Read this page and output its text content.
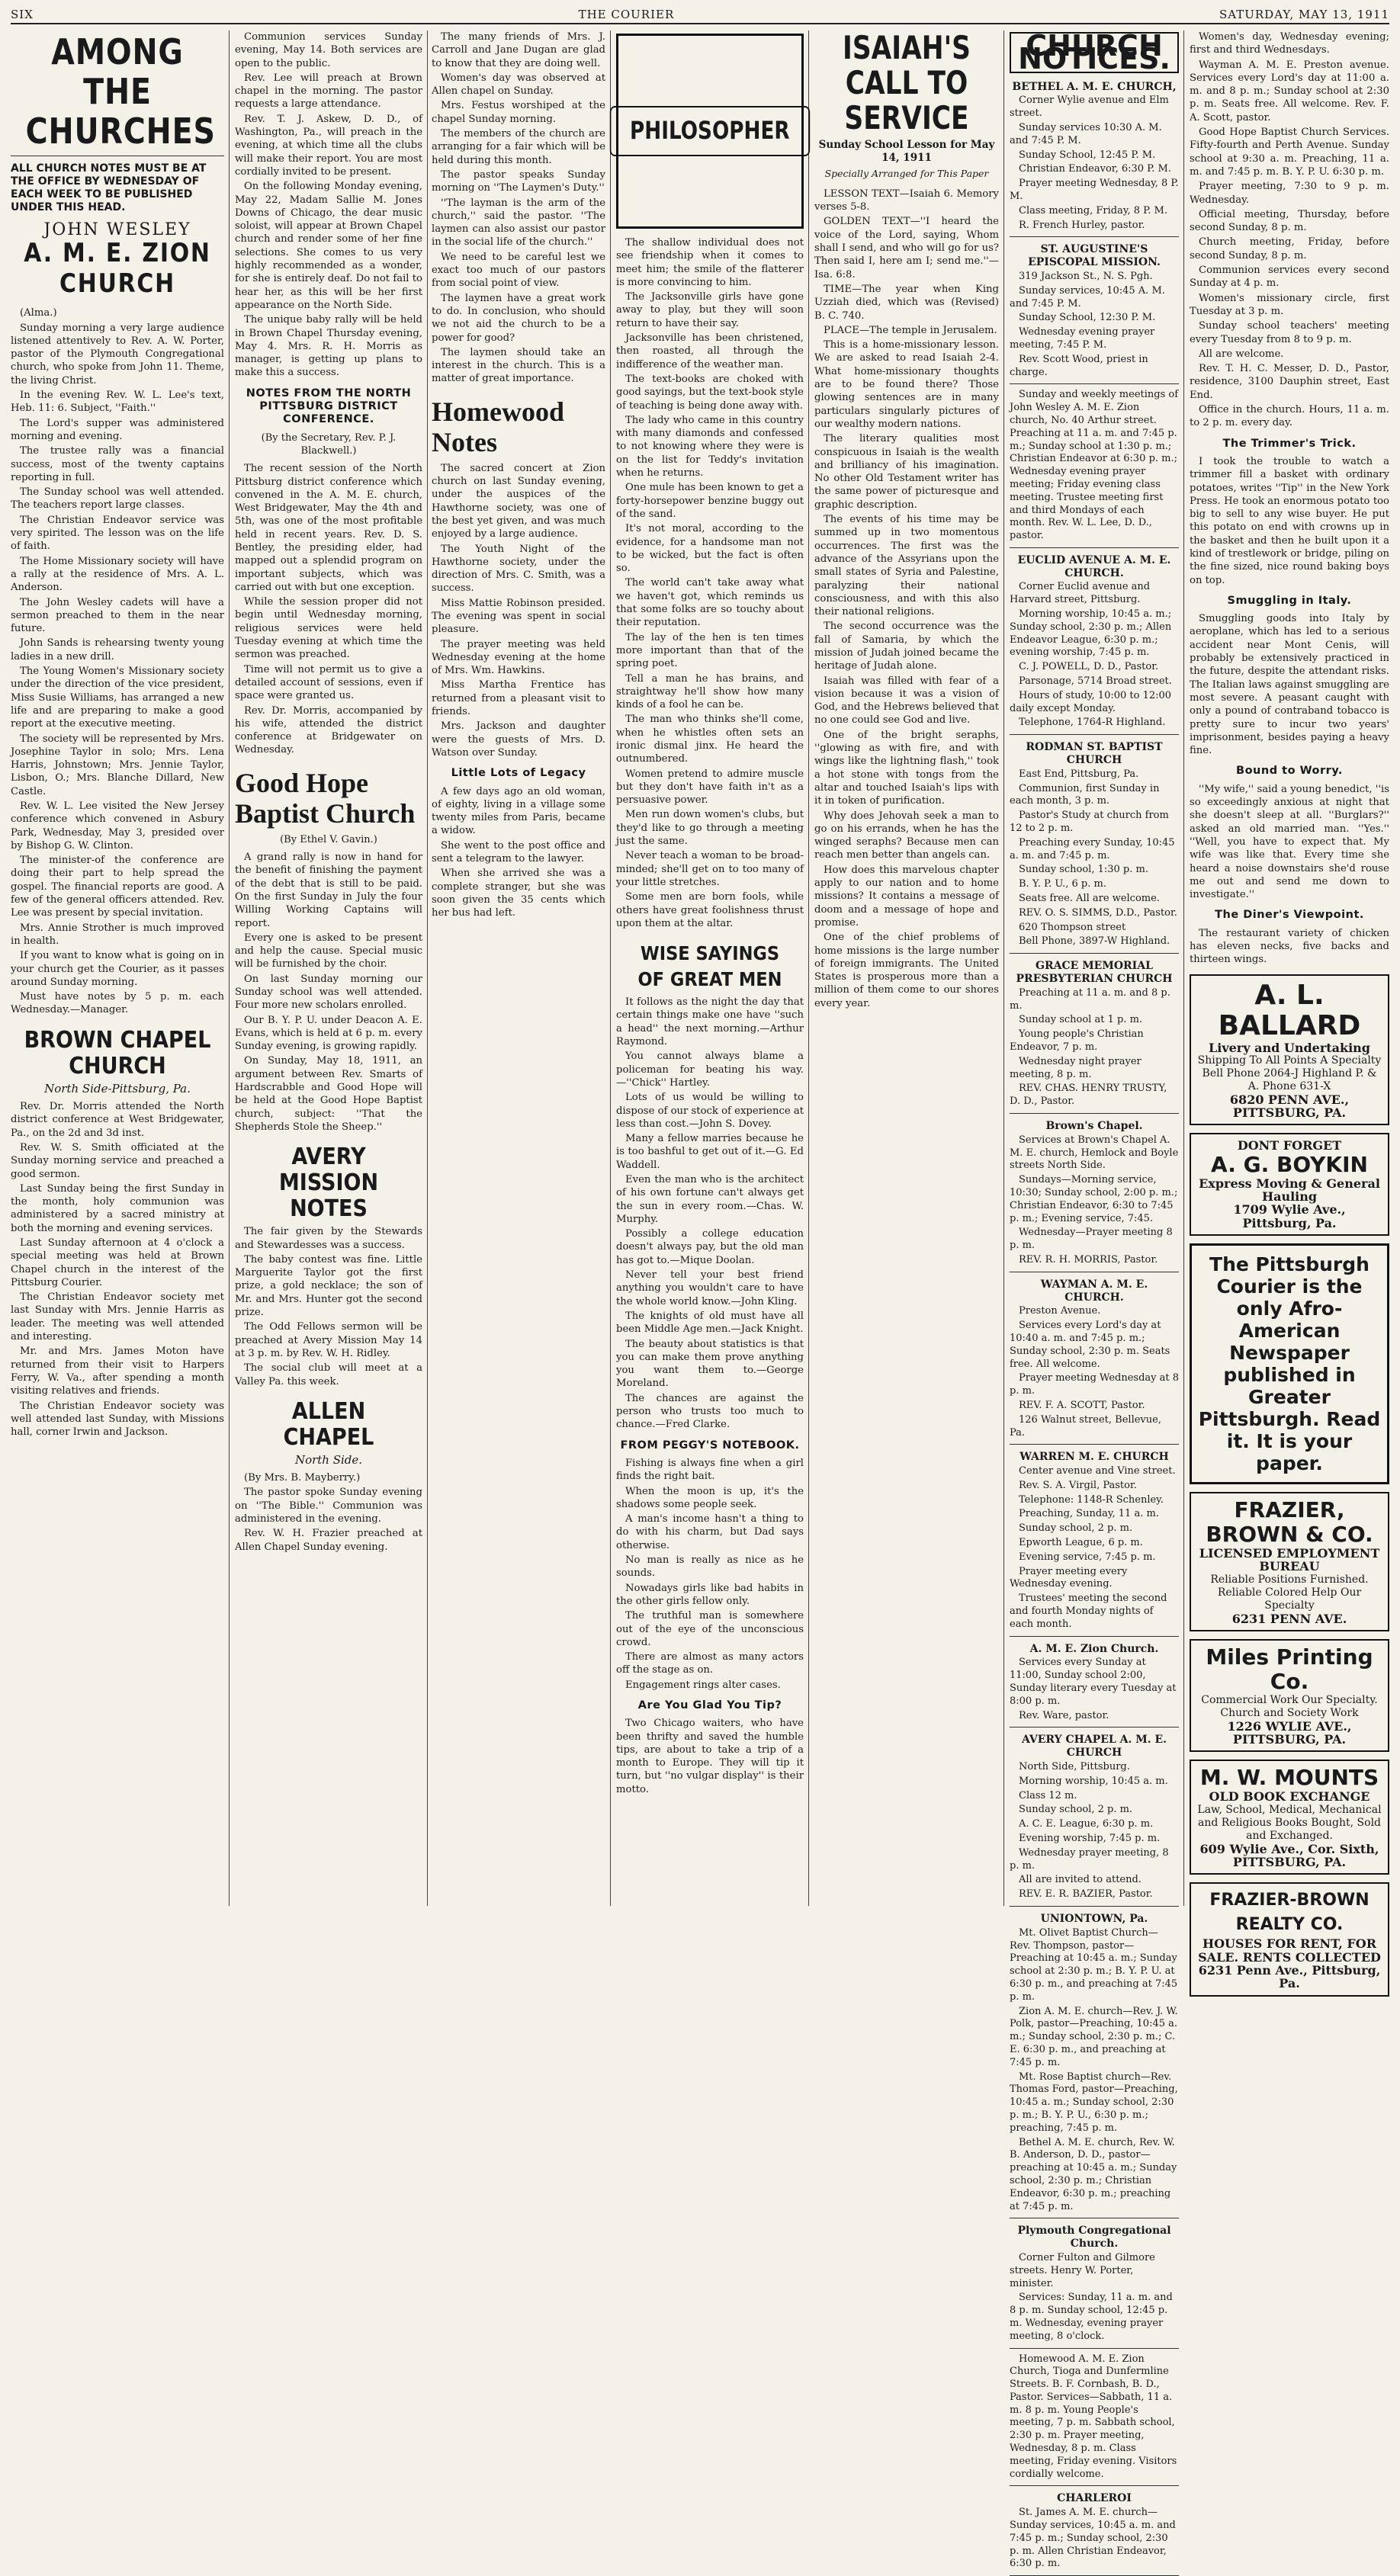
SIX	THE COURIER	SATURDAY, MAY 13, 1911
AMONG THE CHURCHES
ALL CHURCH NOTES MUST BE AT THE OFFICE BY WEDNESDAY OF EACH WEEK TO BE PUBLISHED UNDER THIS HEAD.
JOHN WESLEY
A. M. E. ZION CHURCH

(Alma.)

Sunday morning a very large audience listened attentively to Rev. A. W. Porter, pastor of the Plymouth Congregational church, who spoke from John 11. Theme, the living Christ.

In the evening Rev. W. L. Lee's text, Heb. 11: 6. Subject, ''Faith.''

The Lord's supper was administered morning and evening.

The trustee rally was a financial success, most of the twenty captains reporting in full.

The Sunday school was well attended. The teachers report large classes.

The Christian Endeavor service was very spirited. The lesson was on the life of faith.

The Home Missionary society will have a rally at the residence of Mrs. A. L. Anderson.

The John Wesley cadets will have a sermon preached to them in the near future.

John Sands is rehearsing twenty young ladies in a new drill.

The Young Women's Missionary society under the direction of the vice president, Miss Susie Williams, has arranged a new life and are preparing to make a good report at the executive meeting.

The society will be represented by Mrs. Josephine Taylor in solo; Mrs. Lena Harris, Johnstown; Mrs. Jennie Taylor, Lisbon, O.; Mrs. Blanche Dillard, New Castle.

Rev. W. L. Lee visited the New Jersey conference which convened in Asbury Park, Wednesday, May 3, presided over by Bishop G. W. Clinton.

The minister-of the conference are doing their part to help spread the gospel. The financial reports are good. A few of the general officers attended. Rev. Lee was present by special invitation.

Mrs. Annie Strother is much improved in health.

If you want to know what is going on in your church get the Courier, as it passes around Sunday morning.

Must have notes by 5 p. m. each Wednesday.—Manager.

BROWN CHAPEL CHURCH
North Side-Pittsburg, Pa.

Rev. Dr. Morris attended the North district conference at West Bridgewater, Pa., on the 2d and 3d inst.

Rev. W. S. Smith officiated at the Sunday morning service and preached a good sermon.

Last Sunday being the first Sunday in the month, holy communion was administered by a sacred ministry at both the morning and evening services.

Last Sunday afternoon at 4 o'clock a special meeting was held at Brown Chapel church in the interest of the Pittsburg Courier.

The Christian Endeavor society met last Sunday with Mrs. Jennie Harris as leader. The meeting was well attended and interesting.

Mr. and Mrs. James Moton have returned from their visit to Harpers Ferry, W. Va., after spending a month visiting relatives and friends.

The Christian Endeavor society was well attended last Sunday, with Missions hall, corner Irwin and Jackson.

Communion services Sunday evening, May 14. Both services are open to the public.

Rev. Lee will preach at Brown chapel in the morning. The pastor requests a large attendance.

Rev. T. J. Askew, D. D., of Washington, Pa., will preach in the evening, at which time all the clubs will make their report. You are most cordially invited to be present.

On the following Monday evening, May 22, Madam Sallie M. Jones Downs of Chicago, the dear music soloist, will appear at Brown Chapel church and render some of her fine selections. She comes to us very highly recommended as a wonder, for she is entirely deaf. Do not fail to hear her, as this will be her first appearance on the North Side.

The unique baby rally will be held in Brown Chapel Thursday evening, May 4. Mrs. R. H. Morris as manager, is getting up plans to make this a success.

NOTES FROM THE NORTH PITTSBURG DISTRICT CONFERENCE.
(By the Secretary, Rev. P. J. Blackwell.)

The recent session of the North Pittsburg district conference which convened in the A. M. E. church, West Bridgewater, May the 4th and 5th, was one of the most profitable held in recent years. Rev. D. S. Bentley, the presiding elder, had mapped out a splendid program on important subjects, which was carried out with but one exception.

While the session proper did not begin until Wednesday morning, religious services were held Tuesday evening at which time the sermon was preached.

Time will not permit us to give a detailed account of sessions, even if space were granted us.

Rev. Dr. Morris, accompanied by his wife, attended the district conference at Bridgewater on Wednesday.

Good Hope Baptist Church
(By Ethel V. Gavin.)

A grand rally is now in hand for the benefit of finishing the payment of the debt that is still to be paid. On the first Sunday in July the four Willing Working Captains will report.

Every one is asked to be present and help the cause. Special music will be furnished by the choir.

On last Sunday morning our Sunday school was well attended. Four more new scholars enrolled.

Our B. Y. P. U. under Deacon A. E. Evans, which is held at 6 p. m. every Sunday evening, is growing rapidly.

On Sunday, May 18, 1911, an argument between Rev. Smarts of Hardscrabble and Good Hope will be held at the Good Hope Baptist church, subject: ''That the Shepherds Stole the Sheep.''

AVERY MISSION NOTES

The fair given by the Stewards and Stewardesses was a success.

The baby contest was fine. Little Marguerite Taylor got the first prize, a gold necklace; the son of Mr. and Mrs. Hunter got the second prize.

The Odd Fellows sermon will be preached at Avery Mission May 14 at 3 p. m. by Rev. W. H. Ridley.

The social club will meet at a Valley Pa. this week.

ALLEN CHAPEL
North Side.

(By Mrs. B. Mayberry.)

The pastor spoke Sunday evening on ''The Bible.'' Communion was administered in the evening.

Rev. W. H. Frazier preached at Allen Chapel Sunday evening.

The many friends of Mrs. J. Carroll and Jane Dugan are glad to know that they are doing well.

Women's day was observed at Allen chapel on Sunday.

Mrs. Festus worshiped at the chapel Sunday morning.

The members of the church are arranging for a fair which will be held during this month.

The pastor speaks Sunday morning on ''The Laymen's Duty.''

''The layman is the arm of the church,'' said the pastor. ''The laymen can also assist our pastor in the social life of the church.''

We need to be careful lest we exact too much of our pastors from social point of view.

The laymen have a great work to do. In conclusion, who should we not aid the church to be a power for good?

The laymen should take an interest in the church. This is a matter of great importance.

Homewood Notes

The sacred concert at Zion church on last Sunday evening, under the auspices of the Hawthorne society, was one of the best yet given, and was much enjoyed by a large audience.

The Youth Night of the Hawthorne society, under the direction of Mrs. C. Smith, was a success.

Miss Mattie Robinson presided. The evening was spent in social pleasure.

The prayer meeting was held Wednesday evening at the home of Mrs. Wm. Hawkins.

Miss Martha Frentice has returned from a pleasant visit to friends.

Mrs. Jackson and daughter were the guests of Mrs. D. Watson over Sunday.

Little Lots of Legacy

A few days ago an old woman, of eighty, living in a village some twenty miles from Paris, became a widow.

She went to the post office and sent a telegram to the lawyer.

When she arrived she was a complete stranger, but she was soon given the 35 cents which her bus had left.

PHILOSOPHER

The shallow individual does not see friendship when it comes to meet him; the smile of the flatterer is more convincing to him.

The Jacksonville girls have gone away to play, but they will soon return to have their say.

Jacksonville has been christened, then roasted, all through the indifference of the weather man.

The text-books are choked with good sayings, but the text-book style of teaching is being done away with.

The lady who came in this country with many diamonds and confessed to not knowing where they were is on the list for Teddy's invitation when he returns.

One mule has been known to get a forty-horsepower benzine buggy out of the sand.

It's not moral, according to the evidence, for a handsome man not to be wicked, but the fact is often so.

The world can't take away what we haven't got, which reminds us that some folks are so touchy about their reputation.

The lay of the hen is ten times more important than that of the spring poet.

Tell a man he has brains, and straightway he'll show how many kinds of a fool he can be.

The man who thinks she'll come, when he whistles often sets an ironic dismal jinx. He heard the outnumbered.

Women pretend to admire muscle but they don't have faith in't as a persuasive power.

Men run down women's clubs, but they'd like to go through a meeting just the same.

Never teach a woman to be broad-minded; she'll get on to too many of your little stretches.

Some men are born fools, while others have great foolishness thrust upon them at the altar.

WISE SAYINGS OF GREAT MEN

It follows as the night the day that certain things make one have ''such a head'' the next morning.—Arthur Raymond.

You cannot always blame a policeman for beating his way.—''Chick'' Hartley.

Lots of us would be willing to dispose of our stock of experience at less than cost.—John S. Dovey.

Many a fellow marries because he is too bashful to get out of it.—G. Ed Waddell.

Even the man who is the architect of his own fortune can't always get the sun in every room.—Chas. W. Murphy.

Possibly a college education doesn't always pay, but the old man has got to.—Mique Doolan.

Never tell your best friend anything you wouldn't care to have the whole world know.—John Kling.

The knights of old must have all been Middle Age men.—Jack Knight.

The beauty about statistics is that you can make them prove anything you want them to.—George Moreland.

The chances are against the person who trusts too much to chance.—Fred Clarke.

FROM PEGGY'S NOTEBOOK.

Fishing is always fine when a girl finds the right bait.

When the moon is up, it's the shadows some people seek.

A man's income hasn't a thing to do with his charm, but Dad says otherwise.

No man is really as nice as he sounds.

Nowadays girls like bad habits in the other girls fellow only.

The truthful man is somewhere out of the eye of the unconscious crowd.

There are almost as many actors off the stage as on.

Engagement rings alter cases.

Are You Glad You Tip?

Two Chicago waiters, who have been thrifty and saved the humble tips, are about to take a trip of a month to Europe. They will tip it turn, but ''no vulgar display'' is their motto.

ISAIAH'S CALL TO SERVICE
Sunday School Lesson for May 14, 1911
Specially Arranged for This Paper

LESSON TEXT—Isaiah 6. Memory verses 5-8.

GOLDEN TEXT—''I heard the voice of the Lord, saying, Whom shall I send, and who will go for us? Then said I, here am I; send me.''—Isa. 6:8.

TIME—The year when King Uzziah died, which was (Revised) B. C. 740.

PLACE—The temple in Jerusalem.

This is a home-missionary lesson. We are asked to read Isaiah 2-4. What home-missionary thoughts are to be found there? Those glowing sentences are in many particulars singularly pictures of our wealthy modern nations.

The literary qualities most conspicuous in Isaiah is the wealth and brilliancy of his imagination. No other Old Testament writer has the same power of picturesque and graphic description.

The events of his time may be summed up in two momentous occurrences. The first was the advance of the Assyrians upon the small states of Syria and Palestine, paralyzing their national consciousness, and with this also their national religions.

The second occurrence was the fall of Samaria, by which the mission of Judah joined became the heritage of Judah alone.

Isaiah was filled with fear of a vision because it was a vision of God, and the Hebrews believed that no one could see God and live.

One of the bright seraphs, ''glowing as with fire, and with wings like the lightning flash,'' took a hot stone with tongs from the altar and touched Isaiah's lips with it in token of purification.

Why does Jehovah seek a man to go on his errands, when he has the winged seraphs? Because men can reach men better than angels can.

How does this marvelous chapter apply to our nation and to home missions? It contains a message of doom and a message of hope and promise.

One of the chief problems of home missions is the large number of foreign immigrants. The United States is prosperous more than a million of them come to our shores every year.

CHURCH NOTICES.
BETHEL A. M. E. CHURCH,

Corner Wylie avenue and Elm street.

Sunday services 10:30 A. M. and 7:45 P. M.

Sunday School, 12:45 P. M.

Christian Endeavor, 6:30 P. M.

Prayer meeting Wednesday, 8 P. M.

Class meeting, Friday, 8 P. M.

R. French Hurley, pastor.

ST. AUGUSTINE'S EPISCOPAL MISSION.

319 Jackson St., N. S. Pgh.

Sunday services, 10:45 A. M. and 7:45 P. M.

Sunday School, 12:30 P. M.

Wednesday evening prayer meeting, 7:45 P. M.

Rev. Scott Wood, priest in charge.

Sunday and weekly meetings of John Wesley A. M. E. Zion church, No. 40 Arthur street. Preaching at 11 a. m. and 7:45 p. m.; Sunday school at 1:30 p. m.; Christian Endeavor at 6:30 p. m.; Wednesday evening prayer meeting; Friday evening class meeting. Trustee meeting first and third Mondays of each month. Rev. W. L. Lee, D. D., pastor.

EUCLID AVENUE A. M. E. CHURCH.

Corner Euclid avenue and Harvard street, Pittsburg.

Morning worship, 10:45 a. m.; Sunday school, 2:30 p. m.; Allen Endeavor League, 6:30 p. m.; evening worship, 7:45 p. m.

C. J. POWELL, D. D., Pastor.

Parsonage, 5714 Broad street.

Hours of study, 10:00 to 12:00 daily except Monday.

Telephone, 1764-R Highland.

RODMAN ST. BAPTIST CHURCH

East End, Pittsburg, Pa.

Communion, first Sunday in each month, 3 p. m.

Pastor's Study at church from 12 to 2 p. m.

Preaching every Sunday, 10:45 a. m. and 7:45 p. m.

Sunday school, 1:30 p. m.

B. Y. P. U., 6 p. m.

Seats free. All are welcome.

REV. O. S. SIMMS, D.D., Pastor.

620 Thompson street

Bell Phone, 3897-W Highland.

GRACE MEMORIAL PRESBYTERIAN CHURCH

Preaching at 11 a. m. and 8 p. m.

Sunday school at 1 p. m.

Young people's Christian Endeavor, 7 p. m.

Wednesday night prayer meeting, 8 p. m.

REV. CHAS. HENRY TRUSTY, D. D., Pastor.

Brown's Chapel.

Services at Brown's Chapel A. M. E. church, Hemlock and Boyle streets North Side.

Sundays—Morning service, 10:30; Sunday school, 2:00 p. m.; Christian Endeavor, 6:30 to 7:45 p. m.; Evening service, 7:45.

Wednesday—Prayer meeting 8 p. m.

REV. R. H. MORRIS, Pastor.

WAYMAN A. M. E. CHURCH.

Preston Avenue.

Services every Lord's day at 10:40 a. m. and 7:45 p. m.; Sunday school, 2:30 p. m. Seats free. All welcome.

Prayer meeting Wednesday at 8 p. m.

REV. F. A. SCOTT, Pastor.

126 Walnut street, Bellevue, Pa.

WARREN M. E. CHURCH

Center avenue and Vine street.

Rev. S. A. Virgil, Pastor.

Telephone: 1148-R Schenley.

Preaching, Sunday, 11 a. m.

Sunday school, 2 p. m.

Epworth League, 6 p. m.

Evening service, 7:45 p. m.

Prayer meeting every Wednesday evening.

Trustees' meeting the second and fourth Monday nights of each month.

A. M. E. Zion Church.

Services every Sunday at 11:00, Sunday school 2:00, Sunday literary every Tuesday at 8:00 p. m.

Rev. Ware, pastor.

AVERY CHAPEL A. M. E. CHURCH

North Side, Pittsburg.

Morning worship, 10:45 a. m.

Class 12 m.

Sunday school, 2 p. m.

A. C. E. League, 6:30 p. m.

Evening worship, 7:45 p. m.

Wednesday prayer meeting, 8 p. m.

All are invited to attend.

REV. E. R. BAZIER, Pastor.

UNIONTOWN, Pa.

Mt. Olivet Baptist Church—Rev. Thompson, pastor—Preaching at 10:45 a. m.; Sunday school at 2:30 p. m.; B. Y. P. U. at 6:30 p. m., and preaching at 7:45 p. m.

Zion A. M. E. church—Rev. J. W. Polk, pastor—Preaching, 10:45 a. m.; Sunday school, 2:30 p. m.; C. E. 6:30 p. m., and preaching at 7:45 p. m.

Mt. Rose Baptist church—Rev. Thomas Ford, pastor—Preaching, 10:45 a. m.; Sunday school, 2:30 p. m.; B. Y. P. U., 6:30 p. m.; preaching, 7:45 p. m.

Bethel A. M. E. church, Rev. W. B. Anderson, D. D., pastor—preaching at 10:45 a. m.; Sunday school, 2:30 p. m.; Christian Endeavor, 6:30 p. m.; preaching at 7:45 p. m.

Plymouth Congregational Church.

Corner Fulton and Gilmore streets. Henry W. Porter, minister.

Services: Sunday, 11 a. m. and 8 p. m. Sunday school, 12:45 p. m. Wednesday, evening prayer meeting, 8 o'clock.

Homewood A. M. E. Zion Church, Tioga and Dunfermline Streets. B. F. Cornbash, B. D., Pastor. Services—Sabbath, 11 a. m. 8 p. m. Young People's meeting, 7 p. m. Sabbath school, 2:30 p. m. Prayer meeting, Wednesday, 8 p. m. Class meeting, Friday evening. Visitors cordially welcome.

CHARLEROI

St. James A. M. E. church—Sunday services, 10:45 a. m. and 7:45 p. m.; Sunday school, 2:30 p. m. Allen Christian Endeavor, 6:30 p. m.

Women's day, Wednesday evening; first and third Wednesdays.

Wayman A. M. E. Preston avenue. Services every Lord's day at 11:00 a. m. and 8 p. m.; Sunday school at 2:30 p. m. Seats free. All welcome. Rev. F. A. Scott, pastor.

Good Hope Baptist Church Services. Fifty-fourth and Perth Avenue. Sunday school at 9:30 a. m. Preaching, 11 a. m. and 7:45 p. m. B. Y. P. U. 6:30 p. m.

Prayer meeting, 7:30 to 9 p. m. Wednesday.

Official meeting, Thursday, before second Sunday, 8 p. m.

Church meeting, Friday, before second Sunday, 8 p. m.

Communion services every second Sunday at 4 p. m.

Women's missionary circle, first Tuesday at 3 p. m.

Sunday school teachers' meeting every Tuesday from 8 to 9 p. m.

All are welcome.

Rev. T. H. C. Messer, D. D., Pastor, residence, 3100 Dauphin street, East End.

Office in the church. Hours, 11 a. m. to 2 p. m. every day.

The Trimmer's Trick.

I took the trouble to watch a trimmer fill a basket with ordinary potatoes, writes ''Tip'' in the New York Press. He took an enormous potato too big to sell to any wise buyer. He put this potato on end with crowns up in the basket and then he built upon it a kind of trestlework or bridge, piling on the fine sized, nice round baking boys on top.

Smuggling in Italy.

Smuggling goods into Italy by aeroplane, which has led to a serious accident near Mont Cenis, will probably be extensively practiced in the future, despite the attendant risks. The Italian laws against smuggling are most severe. A peasant caught with only a pound of contraband tobacco is pretty sure to incur two years' imprisonment, besides paying a heavy fine.

Bound to Worry.

''My wife,'' said a young benedict, ''is so exceedingly anxious at night that she doesn't sleep at all. ''Burglars?'' asked an old married man. ''Yes.'' ''Well, you have to expect that. My wife was like that. Every time she heard a noise downstairs she'd rouse me out and send me down to investigate.''

The Diner's Viewpoint.

The restaurant variety of chicken has eleven necks, five backs and thirteen wings.

A. L. BALLARD
Livery and Undertaking
Shipping To All Points A Specialty
Bell Phone 2064-J Highland P. & A. Phone 631-X
6820 PENN AVE., PITTSBURG, PA.
DONT FORGET
A. G. BOYKIN
Express Moving & General Hauling
1709 Wylie Ave., Pittsburg, Pa.
The Pittsburgh Courier is the only Afro-American Newspaper published in Greater Pittsburgh. Read it. It is your paper.
FRAZIER, BROWN & CO.
LICENSED EMPLOYMENT BUREAU
Reliable Positions Furnished. Reliable Colored Help Our Specialty
6231 PENN AVE.
Miles Printing Co.
Commercial Work Our Specialty. Church and Society Work
1226 WYLIE AVE., PITTSBURG, PA.
M. W. MOUNTS
OLD BOOK EXCHANGE
Law, School, Medical, Mechanical and Religious Books Bought, Sold and Exchanged.
609 Wylie Ave., Cor. Sixth, PITTSBURG, PA.
FRAZIER-BROWN REALTY CO.
HOUSES FOR RENT, FOR SALE. RENTS COLLECTED
6231 Penn Ave., Pittsburg, Pa.
